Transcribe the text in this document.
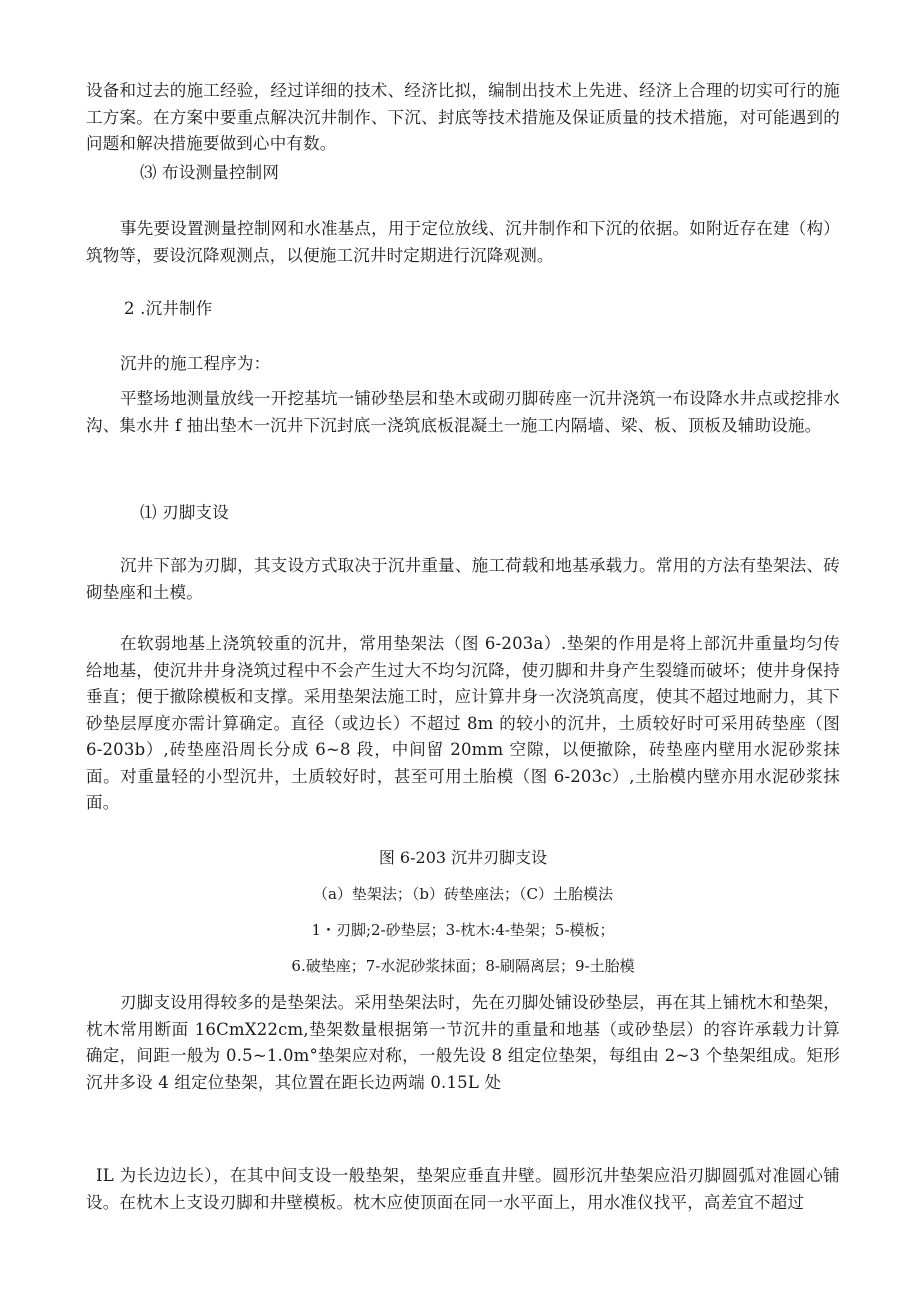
设备和过去的施工经验，经过详细的技术、经济比拟，编制出技术上先进、经济上合理的切实可行的施工方案。在方案中要重点解决沉井制作、下沉、封底等技术措施及保证质量的技术措施，对可能遇到的问题和解决措施要做到心中有数。

⑶ 布设测量控制网

事先要设置测量控制网和水准基点，用于定位放线、沉井制作和下沉的依据。如附近存在建（构）筑物等，要设沉降观测点，以便施工沉井时定期进行沉降观测。

2 .沉井制作

沉井的施工程序为：

平整场地测量放线一开挖基坑一铺砂垫层和垫木或砌刃脚砖座一沉井浇筑一布设降水井点或挖排水沟、集水井 f 抽出垫木一沉井下沉封底一浇筑底板混凝土一施工内隔墙、梁、板、顶板及辅助设施。

⑴ 刃脚支设

沉井下部为刃脚，其支设方式取决于沉井重量、施工荷载和地基承载力。常用的方法有垫架法、砖砌垫座和土模。

在软弱地基上浇筑较重的沉井，常用垫架法（图 6-203a）.垫架的作用是将上部沉井重量均匀传给地基，使沉井井身浇筑过程中不会产生过大不均匀沉降，使刃脚和井身产生裂缝而破坏；使井身保持垂直；便于撤除模板和支撑。采用垫架法施工时，应计算井身一次浇筑高度，使其不超过地耐力，其下砂垫层厚度亦需计算确定。直径（或边长）不超过 8m 的较小的沉井，土质较好时可采用砖垫座（图 6-203b）,砖垫座沿周长分成 6~8 段，中间留 20mm 空隙，以便撤除，砖垫座内壁用水泥砂浆抹面。对重量轻的小型沉井，土质较好时，甚至可用土胎模（图 6-203c）,土胎模内壁亦用水泥砂浆抹面。

图 6-203 沉井刃脚支设

（a）垫架法；（b）砖垫座法；（C）土胎模法

1・刃脚;2-砂垫层；3-枕木:4-垫架；5-模板；

6.破垫座；7-水泥砂浆抹面；8-刷隔离层；9-土胎模

刃脚支设用得较多的是垫架法。采用垫架法时，先在刃脚处铺设砂垫层，再在其上铺枕木和垫架，枕木常用断面 16CmX22cm,垫架数量根据第一节沉井的重量和地基（或砂垫层）的容许承载力计算确定，间距一般为 0.5~1.0m°垫架应对称，一般先设 8 组定位垫架，每组由 2~3 个垫架组成。矩形沉井多设 4 组定位垫架，其位置在距长边两端 0.15L 处

IL 为长边边长），在其中间支设一般垫架，垫架应垂直井壁。圆形沉井垫架应沿刃脚圆弧对准圆心铺设。在枕木上支设刃脚和井壁模板。枕木应使顶面在同一水平面上，用水准仪找平，高差宜不超过
